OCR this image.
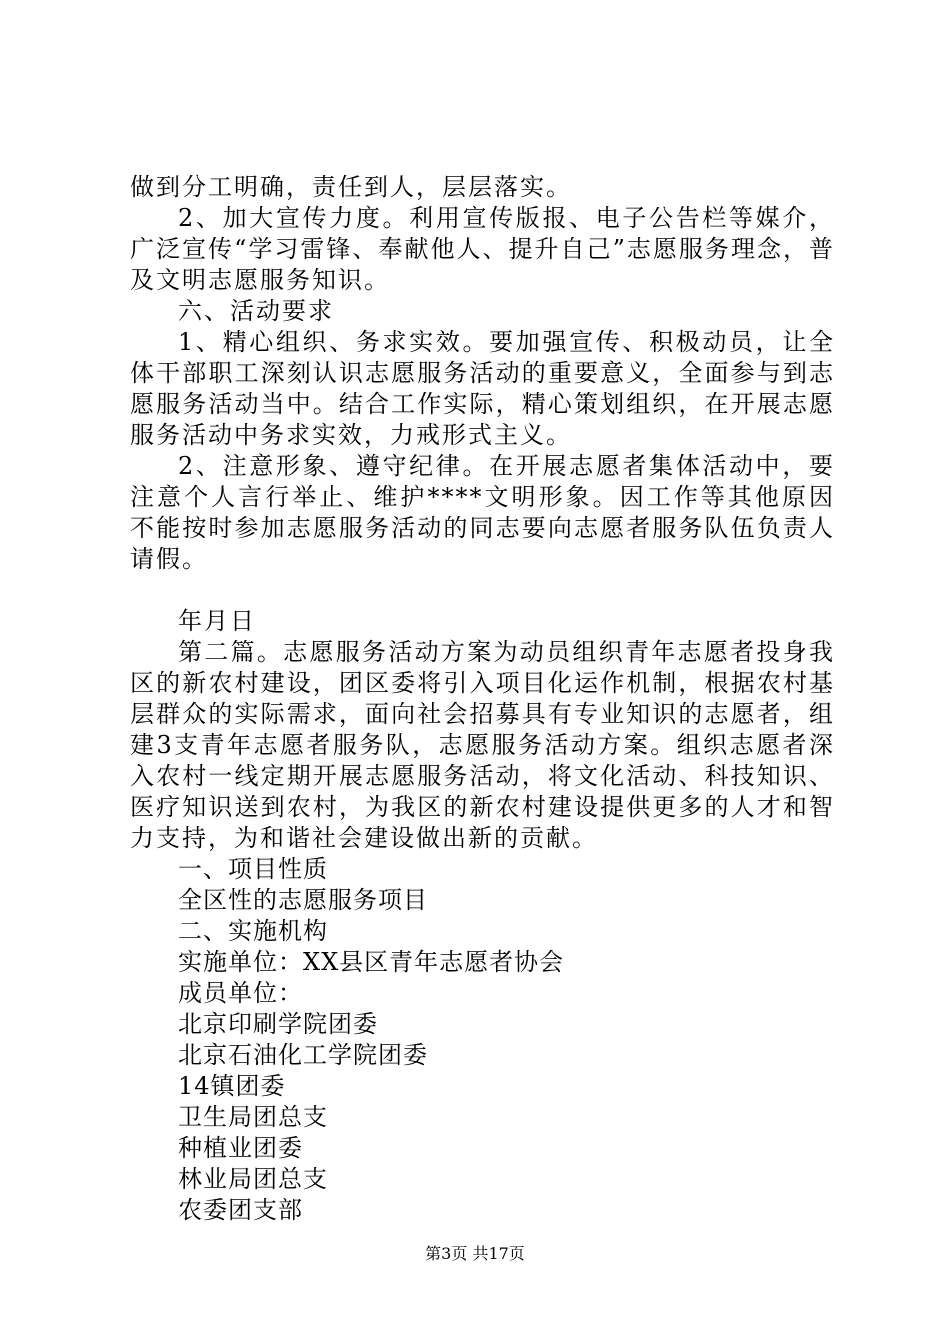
做到分工明确，责任到人，层层落实。

2、加大宣传力度。利用宣传版报、电子公告栏等媒介，广泛宣传“学习雷锋、奉献他人、提升自己”志愿服务理念，普及文明志愿服务知识。

六、活动要求

1、精心组织、务求实效。要加强宣传、积极动员，让全体干部职工深刻认识志愿服务活动的重要意义，全面参与到志愿服务活动当中。结合工作实际，精心策划组织，在开展志愿服务活动中务求实效，力戒形式主义。

2、注意形象、遵守纪律。在开展志愿者集体活动中，要注意个人言行举止、维护****文明形象。因工作等其他原因不能按时参加志愿服务活动的同志要向志愿者服务队伍负责人请假。

年月日

第二篇。志愿服务活动方案为动员组织青年志愿者投身我区的新农村建设，团区委将引入项目化运作机制，根据农村基层群众的实际需求，面向社会招募具有专业知识的志愿者，组建3支青年志愿者服务队，志愿服务活动方案。组织志愿者深入农村一线定期开展志愿服务活动，将文化活动、科技知识、医疗知识送到农村，为我区的新农村建设提供更多的人才和智力支持，为和谐社会建设做出新的贡献。

一、项目性质

全区性的志愿服务项目

二、实施机构

实施单位：XX县区青年志愿者协会

成员单位：

北京印刷学院团委

北京石油化工学院团委

14镇团委

卫生局团总支

种植业团委

林业局团总支

农委团支部

第3页 共17页
